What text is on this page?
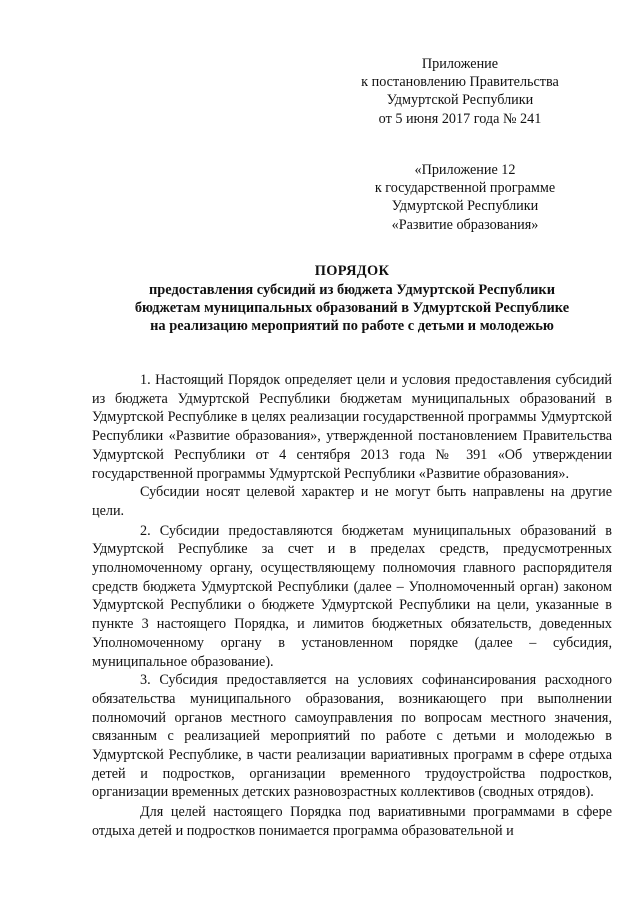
Приложение
к постановлению Правительства
Удмуртской Республики
от 5 июня 2017 года № 241
«Приложение 12
к государственной программе
Удмуртской Республики
«Развитие образования»
ПОРЯДОК
предоставления субсидий из бюджета Удмуртской Республики
бюджетам муниципальных образований в Удмуртской Республике
на реализацию мероприятий по работе с детьми и молодежью

1. Настоящий Порядок определяет цели и условия предоставления субсидий из бюджета Удмуртской Республики бюджетам муниципальных образований в Удмуртской Республике в целях реализации государственной программы Удмуртской Республики «Развитие образования», утвержденной постановлением Правительства Удмуртской Республики от 4 сентября 2013 года № 391 «Об утверждении государственной программы Удмуртской Республики «Развитие образования».

Субсидии носят целевой характер и не могут быть направлены на другие цели.

2. Субсидии предоставляются бюджетам муниципальных образований в Удмуртской Республике за счет и в пределах средств, предусмотренных уполномоченному органу, осуществляющему полномочия главного распорядителя средств бюджета Удмуртской Республики (далее – Уполномоченный орган) законом Удмуртской Республики о бюджете Удмуртской Республики на цели, указанные в пункте 3 настоящего Порядка, и лимитов бюджетных обязательств, доведенных Уполномоченному органу в установленном порядке (далее – субсидия, муниципальное образование).

3. Субсидия предоставляется на условиях софинансирования расходного обязательства муниципального образования, возникающего при выполнении полномочий органов местного самоуправления по вопросам местного значения, связанным с реализацией мероприятий по работе с детьми и молодежью в Удмуртской Республике, в части реализации вариативных программ в сфере отдыха детей и подростков, организации временного трудоустройства подростков, организации временных детских разновозрастных коллективов (сводных отрядов).

Для целей настоящего Порядка под вариативными программами в сфере отдыха детей и подростков понимается программа образовательной и
